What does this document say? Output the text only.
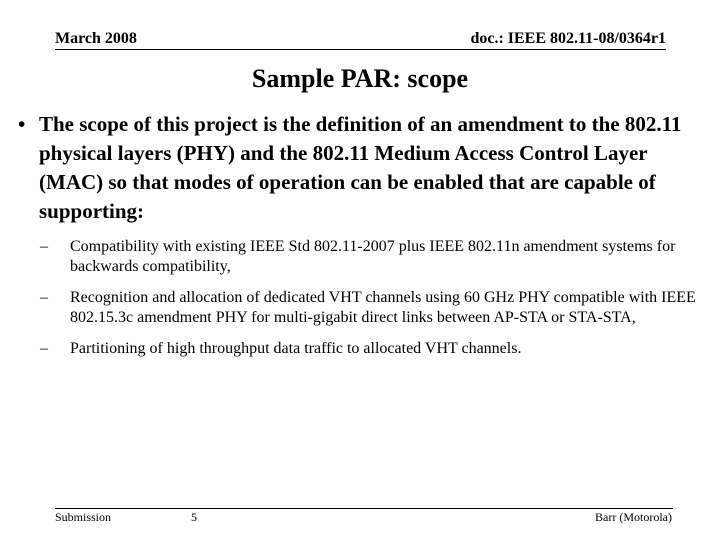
March 2008	doc.: IEEE 802.11-08/0364r1
Sample PAR: scope
• The scope of this project is the definition of an amendment to the 802.11 physical layers (PHY) and the 802.11 Medium Access Control Layer (MAC) so that modes of operation can be enabled that are capable of supporting:
– Compatibility with existing IEEE Std 802.11-2007 plus IEEE 802.11n amendment systems for backwards compatibility,
– Recognition and allocation of dedicated VHT channels using 60 GHz PHY compatible with IEEE 802.15.3c amendment PHY for multi-gigabit direct links between AP-STA or STA-STA,
– Partitioning of high throughput data traffic to allocated VHT channels.
Submission	5	Barr (Motorola)
